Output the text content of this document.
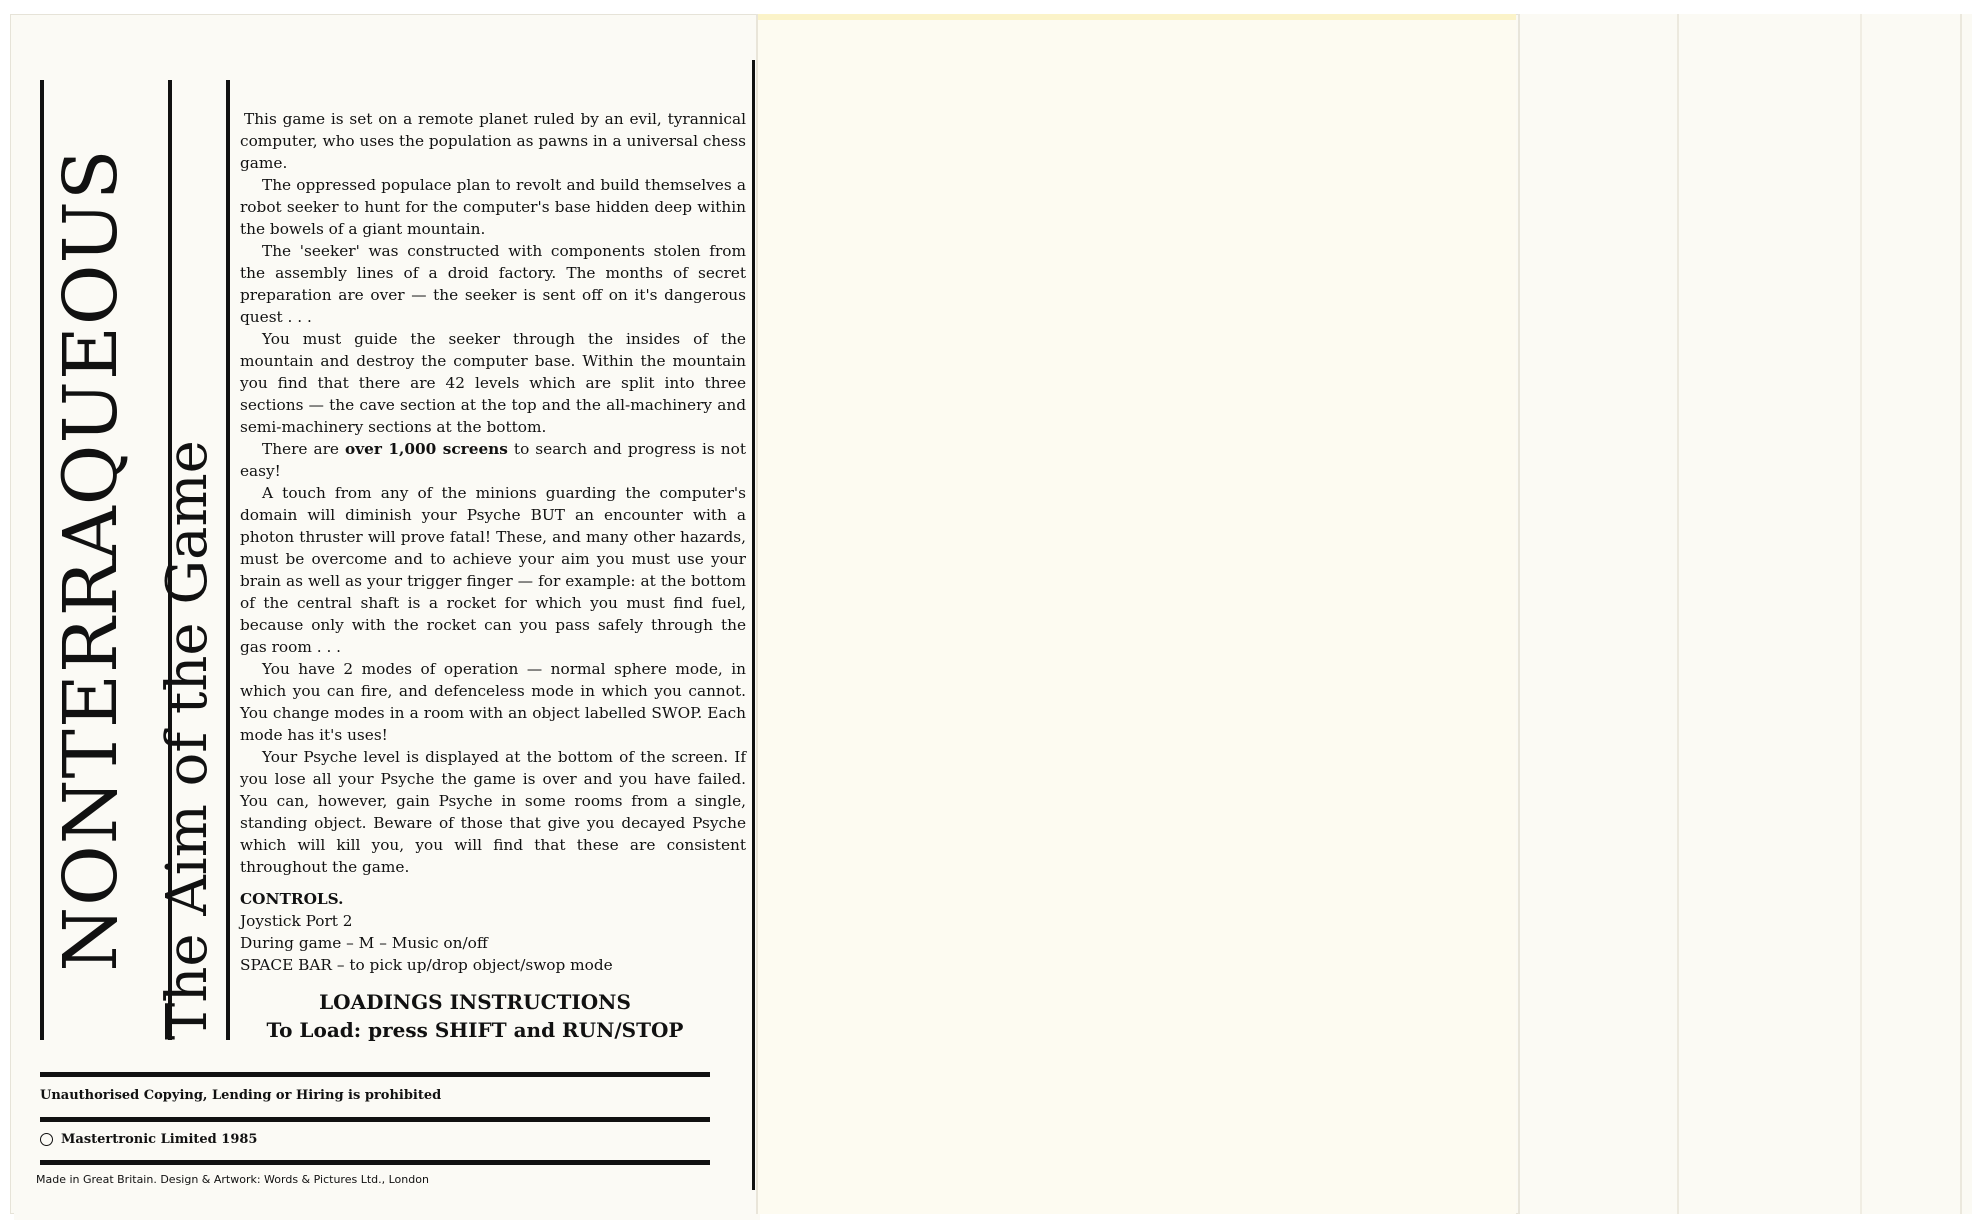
NONTERRAQUEOUS The Aim of the Game

This game is set on a remote planet ruled by an evil, tyrannical computer, who uses the population as pawns in a universal chess game.

The oppressed populace plan to revolt and build themselves a robot seeker to hunt for the computer's base hidden deep within the bowels of a giant mountain.

The 'seeker' was constructed with components stolen from the assembly lines of a droid factory. The months of secret preparation are over — the seeker is sent off on it's dangerous quest . . .

You must guide the seeker through the insides of the mountain and destroy the computer base. Within the mountain you find that there are 42 levels which are split into three sections — the cave section at the top and the all-machinery and semi-machinery sections at the bottom.

There are over 1,000 screens to search and progress is not easy!

A touch from any of the minions guarding the computer's domain will diminish your Psyche BUT an encounter with a photon thruster will prove fatal! These, and many other hazards, must be overcome and to achieve your aim you must use your brain as well as your trigger finger — for example: at the bottom of the central shaft is a rocket for which you must find fuel, because only with the rocket can you pass safely through the gas room . . .

You have 2 modes of operation — normal sphere mode, in which you can fire, and defenceless mode in which you cannot. You change modes in a room with an object labelled SWOP. Each mode has it's uses!

Your Psyche level is displayed at the bottom of the screen. If you lose all your Psyche the game is over and you have failed. You can, however, gain Psyche in some rooms from a single, standing object. Beware of those that give you decayed Psyche which will kill you, you will find that these are consistent throughout the game.

CONTROLS.
Joystick Port 2
During game – M – Music on/off
SPACE BAR – to pick up/drop object/swop mode
LOADINGS INSTRUCTIONS
To Load: press SHIFT and RUN/STOP
Unauthorised Copying, Lending or Hiring is prohibited
Mastertronic Limited 1985
Made in Great Britain. Design & Artwork: Words & Pictures Ltd., London
